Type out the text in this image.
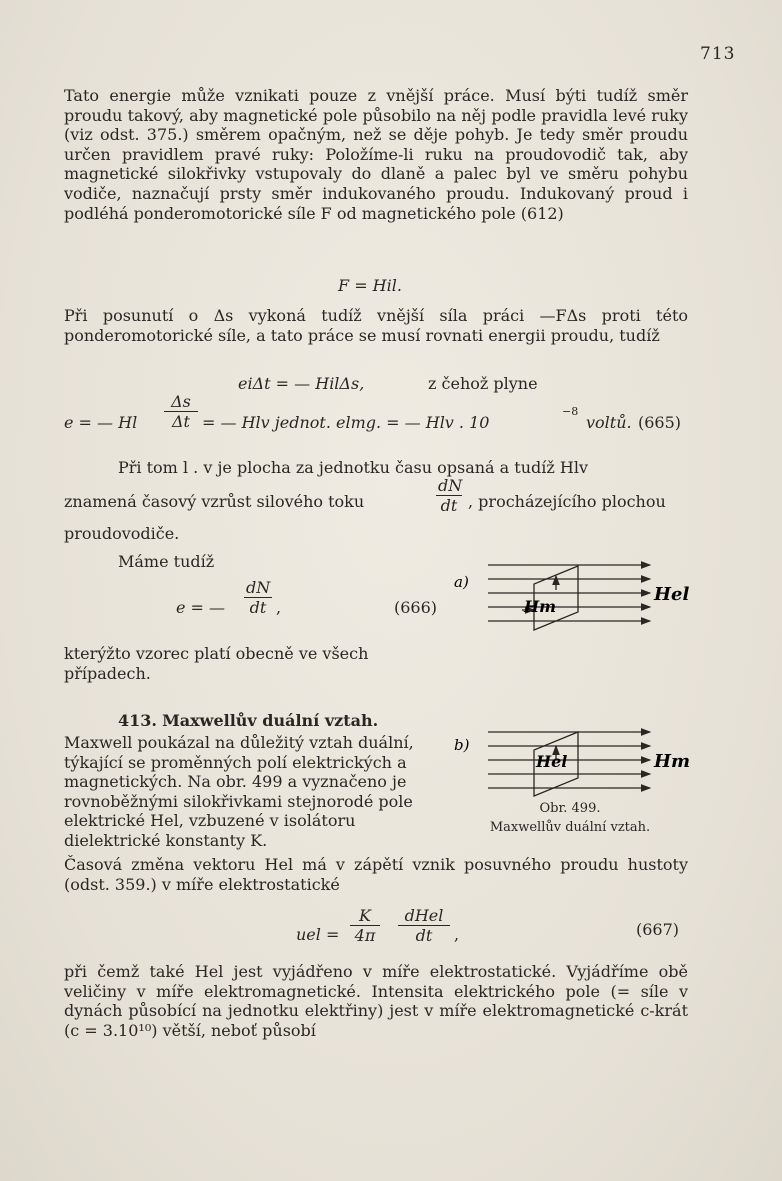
713

Tato energie může vznikati pouze z vnější práce. Musí býti tudíž směr proudu takový, aby magnetické pole působilo na něj podle pravidla levé ruky (viz odst. 375.) směrem opačným, než se děje pohyb. Je tedy směr proudu určen pravidlem pravé ruky: Položíme-li ruku na proudovodič tak, aby magnetické silokřivky vstupovaly do dlaně a palec byl ve směru pohybu vodiče, naznačují prsty směr indukovaného proudu. Indukovaný proud i podléhá ponderomotorické síle F od magnetického pole (612)

F = Hil.

Při posunutí o Δs vykoná tudíž vnější síla práci —FΔs proti této ponderomotorické síle, a tato práce se musí rovnati energii proudu, tudíž

eiΔt = — HilΔs,	z čehož plyne
e = — Hl $\frac{\Delta s}{\Delta t}$ = — Hlv jednot. elmg. = — Hlv . 10
−8
voltů. (665)
Při tom l . v je plocha za jednotku času opsaná a tudíž Hlv
znamená časový vzrůst silového toku	$\frac{dN}{dt}$ , procházejícího plochou
proudovodiče.
Máme tudíž
e = — $\frac{dN}{dt}$ ,	(666)

kterýžto vzorec platí obecně ve všech případech.

413. Maxwellův duální vztah.

Maxwell poukázal na důležitý vztah duální, týkající se proměnných polí elektrických a magnetických. Na obr. 499 a vyznačeno je rovnoběžnými silokřivkami stejnorodé pole elektrické Hel, vzbuzené v isolátoru dielektrické konstanty K.

Časová změna vektoru Hel má v zápětí vznik posuvného proudu hustoty (odst. 359.) v míře elektrostatické

uel = $\frac{K}{4\pi}$	dHel
dt	,	(667)

při čemž také Hel jest vyjádřeno v míře elektrostatické. Vyjádříme obě veličiny v míře elektromagnetické. Intensita elektrického pole (= síle v dynách působící na jednotku elektřiny) jest v míře elektromagnetické c-krát (c = 3.10¹⁰) větší, neboť působí

a)
Hm
Hel
b)
Hel	Hm
Obr. 499.
Maxwellův duální vztah.
